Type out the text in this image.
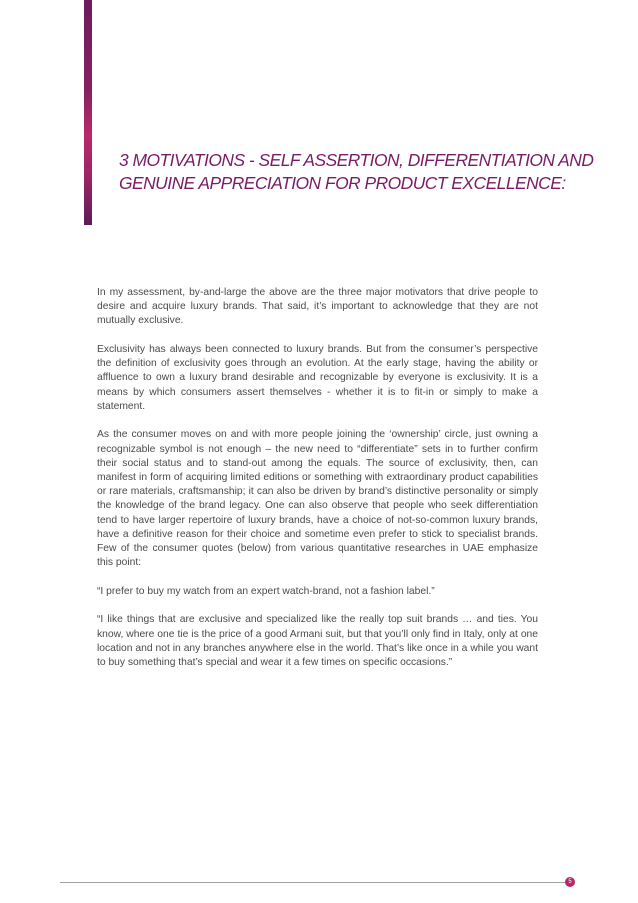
3 MOTIVATIONS - SELF ASSERTION, DIFFERENTIATION AND
GENUINE APPRECIATION FOR PRODUCT EXCELLENCE:

In my assessment, by-and-large the above are the three major motivators that drive people to desire and acquire luxury brands. That said, it’s important to acknowledge that they are not mutually exclusive.

Exclusivity has always been connected to luxury brands. But from the consumer’s perspective the definition of exclusivity goes through an evolution. At the early stage, having the ability or affluence to own a luxury brand desirable and recognizable by everyone is exclusivity. It is a means by which consumers assert themselves - whether it is to fit-in or simply to make a statement.

As the consumer moves on and with more people joining the ‘ownership’ circle, just owning a recognizable symbol is not enough – the new need to “differentiate” sets in to further confirm their social status and to stand-out among the equals. The source of exclusivity, then, can manifest in form of acquiring limited editions or something with extraordinary product capabilities or rare materials, craftsmanship; it can also be driven by brand’s distinctive personality or simply the knowledge of the brand legacy. One can also observe that people who seek differentiation tend to have larger repertoire of luxury brands, have a choice of not-so-common luxury brands, have a definitive reason for their choice and sometime even prefer to stick to specialist brands. Few of the consumer quotes (below) from various quantitative researches in UAE emphasize this point:

“I prefer to buy my watch from an expert watch-brand, not a fashion label.”

“I like things that are exclusive and specialized like the really top suit brands … and ties. You know, where one tie is the price of a good Armani suit, but that you’ll only find in Italy, only at one location and not in any branches anywhere else in the world. That’s like once in a while you want to buy something that’s special and wear it a few times on specific occasions.”

5
